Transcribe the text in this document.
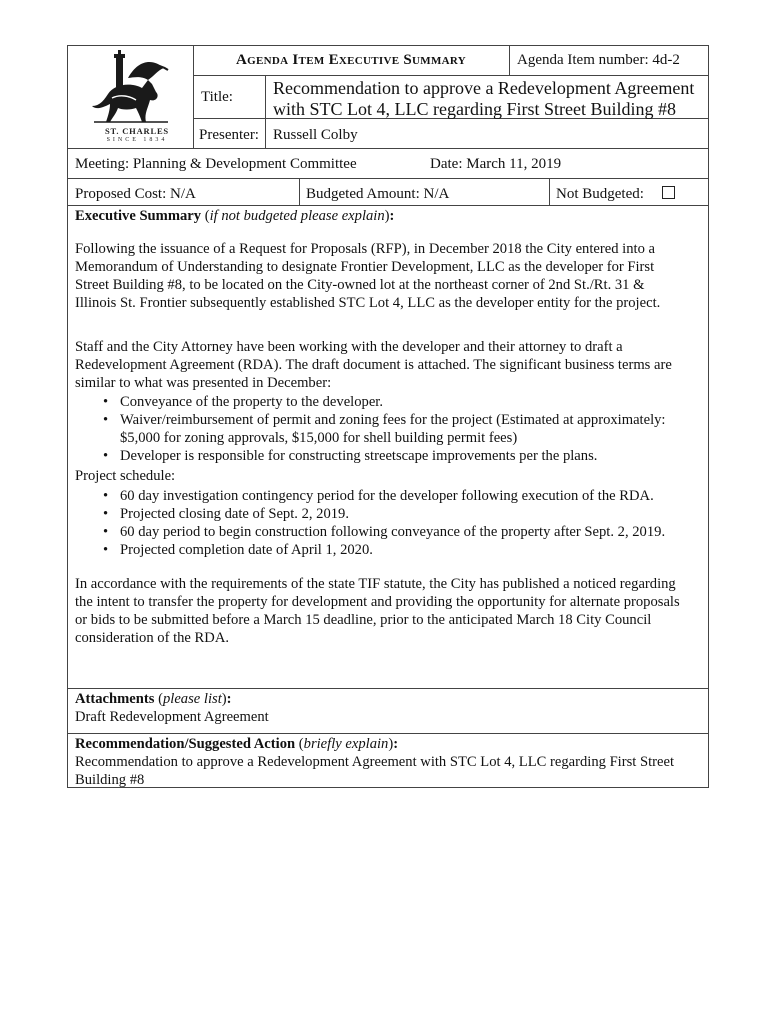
ST. CHARLES
SINCE 1834
Agenda Item Executive Summary	Agenda Item number: 4d-2
Title: Recommendation to approve a Redevelopment Agreement
with STC Lot 4, LLC regarding First Street Building #8
Presenter: Russell Colby
Meeting: Planning & Development Committee	Date: March 11, 2019
Proposed Cost: N/A	Budgeted Amount: N/A	Not Budgeted:
Executive Summary (if not budgeted please explain):
Following the issuance of a Request for Proposals (RFP), in December 2018 the City entered into a
Memorandum of Understanding to designate Frontier Development, LLC as the developer for First
Street Building #8, to be located on the City-owned lot at the northeast corner of 2nd St./Rt. 31 &
Illinois St. Frontier subsequently established STC Lot 4, LLC as the developer entity for the project.
Staff and the City Attorney have been working with the developer and their attorney to draft a
Redevelopment Agreement (RDA). The draft document is attached. The significant business terms are
similar to what was presented in December:
• Conveyance of the property to the developer.
• Waiver/reimbursement of permit and zoning fees for the project (Estimated at approximately:
$5,000 for zoning approvals, $15,000 for shell building permit fees)
• Developer is responsible for constructing streetscape improvements per the plans.
Project schedule:
• 60 day investigation contingency period for the developer following execution of the RDA.
• Projected closing date of Sept. 2, 2019.
• 60 day period to begin construction following conveyance of the property after Sept. 2, 2019.
• Projected completion date of April 1, 2020.
In accordance with the requirements of the state TIF statute, the City has published a noticed regarding
the intent to transfer the property for development and providing the opportunity for alternate proposals
or bids to be submitted before a March 15 deadline, prior to the anticipated March 18 City Council
consideration of the RDA.
Attachments (please list):
Draft Redevelopment Agreement
Recommendation/Suggested Action (briefly explain):
Recommendation to approve a Redevelopment Agreement with STC Lot 4, LLC regarding First Street
Building #8
